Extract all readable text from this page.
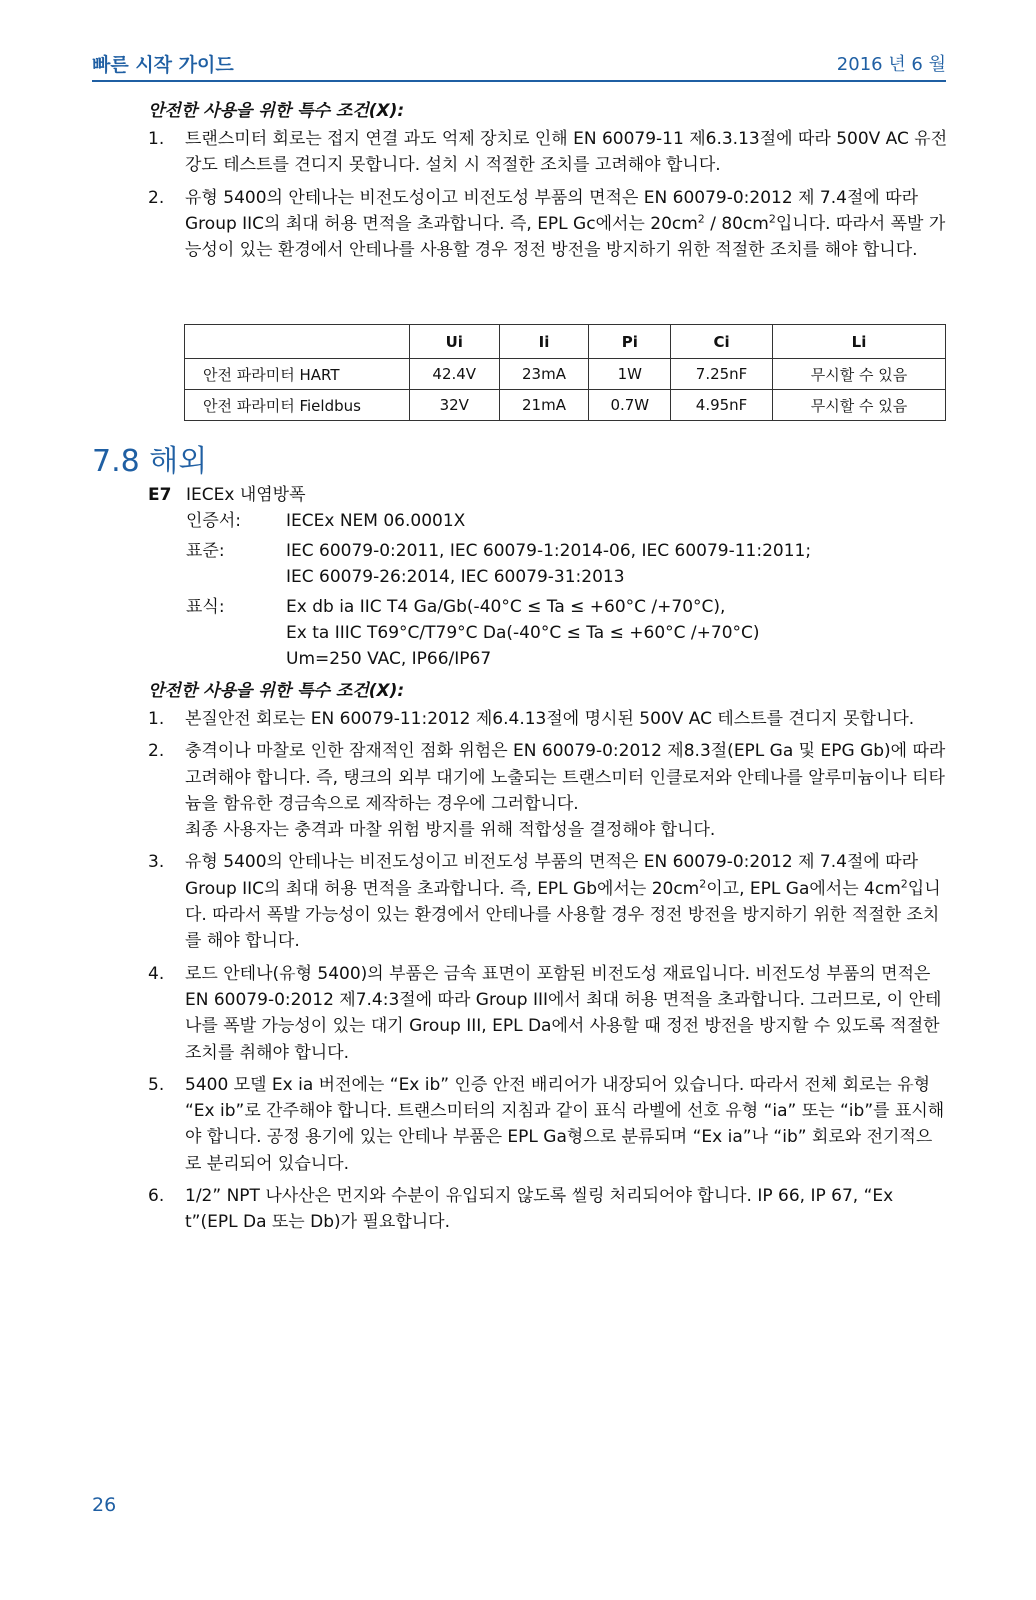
빠른 시작 가이드	2016 년 6 월
안전한 사용을 위한 특수 조건(X):
1. 트랜스미터 회로는 접지 연결 과도 억제 장치로 인해 EN 60079-11 제6.3.13절에 따라 500V AC 유전 강도 테스트를 견디지 못합니다. 설치 시 적절한 조치를 고려해야 합니다.
2. 유형 5400의 안테나는 비전도성이고 비전도성 부품의 면적은 EN 60079-0:2012 제 7.4절에 따라 Group IIC의 최대 허용 면적을 초과합니다. 즉, EPL Gc에서는 $20cm^2 / 80cm^2$입니다. 따라서 폭발 가능성이 있는 환경에서 안테나를 사용할 경우 정전 방전을 방지하기 위한 적절한 조치를 해야 합니다.
	Ui	Ii	Pi	Ci	Li
안전 파라미터 HART	42.4V	23mA	1W	7.25nF	무시할 수 있음
안전 파라미터 Fieldbus	32V	21mA	0.7W	4.95nF	무시할 수 있음
7.8 해외
E7 IECEx 내염방폭
인증서:	IECEx NEM 06.0001X
표준:	IEC 60079-0:2011, IEC 60079-1:2014-06, IEC 60079-11:2011;
IEC 60079-26:2014, IEC 60079-31:2013
표식:	Ex db ia IIC T4 Ga/Gb(-40°C ≤ Ta ≤ +60°C /+70°C),
Ex ta IIIC T69°C/T79°C Da(-40°C ≤ Ta ≤ +60°C /+70°C)
Um=250 VAC, IP66/IP67
안전한 사용을 위한 특수 조건(X):
1. 본질안전 회로는 EN 60079-11:2012 제6.4.13절에 명시된 500V AC 테스트를 견디지 못합니다.
2. 충격이나 마찰로 인한 잠재적인 점화 위험은 EN 60079-0:2012 제8.3절(EPL Ga 및 EPG Gb)에 따라 고려해야 합니다. 즉, 탱크의 외부 대기에 노출되는 트랜스미터 인클로저와 안테나를 알루미늄이나 티타늄을 함유한 경금속으로 제작하는 경우에 그러합니다.
최종 사용자는 충격과 마찰 위험 방지를 위해 적합성을 결정해야 합니다.
3. 유형 5400의 안테나는 비전도성이고 비전도성 부품의 면적은 EN 60079-0:2012 제 7.4절에 따라 Group IIC의 최대 허용 면적을 초과합니다. 즉, EPL Gb에서는 $20cm^2$이고, EPL Ga에서는 $4cm^2$입니다. 따라서 폭발 가능성이 있는 환경에서 안테나를 사용할 경우 정전 방전을 방지하기 위한 적절한 조치를 해야 합니다.
4. 로드 안테나(유형 5400)의 부품은 금속 표면이 포함된 비전도성 재료입니다. 비전도성 부품의 면적은 EN 60079-0:2012 제7.4:3절에 따라 Group III에서 최대 허용 면적을 초과합니다. 그러므로, 이 안테나를 폭발 가능성이 있는 대기 Group III, EPL Da에서 사용할 때 정전 방전을 방지할 수 있도록 적절한 조치를 취해야 합니다.
5. 5400 모델 Ex ia 버전에는 “Ex ib” 인증 안전 배리어가 내장되어 있습니다. 따라서 전체 회로는 유형 “Ex ib”로 간주해야 합니다. 트랜스미터의 지침과 같이 표식 라벨에 선호 유형 “ia” 또는 “ib”를 표시해야 합니다. 공정 용기에 있는 안테나 부품은 EPL Ga형으로 분류되며 “Ex ia”나 “ib” 회로와 전기적으로 분리되어 있습니다.
6. 1/2” NPT 나사산은 먼지와 수분이 유입되지 않도록 씰링 처리되어야 합니다. IP 66, IP 67, “Ex t”(EPL Da 또는 Db)가 필요합니다.
26
